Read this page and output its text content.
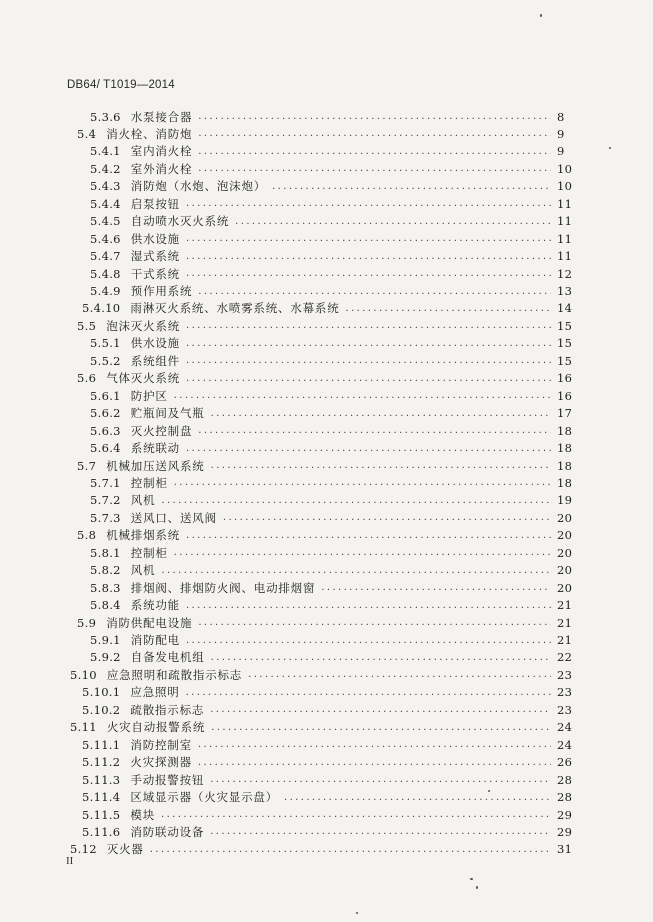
DB64/ T1019—2014
5.3.6 水泵接合器 .....	8
5.4 消火栓、消防炮 .....	9
5.4.1 室内消火栓 .....	9
5.4.2 室外消火栓 .....	10
5.4.3 消防炮（水炮、泡沫炮） .....	10
5.4.4 启泵按钮 .....	11
5.4.5 自动喷水灭火系统 .....	11
5.4.6 供水设施 .....	11
5.4.7 湿式系统 .....	11
5.4.8 干式系统 .....	12
5.4.9 预作用系统 .....	13
5.4.10 雨淋灭火系统、水喷雾系统、水幕系统 .....	14
5.5 泡沫灭火系统 .....	15
5.5.1 供水设施 .....	15
5.5.2 系统组件 .....	15
5.6 气体灭火系统 .....	16
5.6.1 防护区 .....	16
5.6.2 贮瓶间及气瓶 .....	17
5.6.3 灭火控制盘 .....	18
5.6.4 系统联动 .....	18
5.7 机械加压送风系统 .....	18
5.7.1 控制柜 .....	18
5.7.2 风机 .....	19
5.7.3 送风口、送风阀 .....	20
5.8 机械排烟系统 .....	20
5.8.1 控制柜 .....	20
5.8.2 风机 .....	20
5.8.3 排烟阀、排烟防火阀、电动排烟窗 .....	20
5.8.4 系统功能 .....	21
5.9 消防供配电设施 .....	21
5.9.1 消防配电 .....	21
5.9.2 自备发电机组 .....	22
5.10 应急照明和疏散指示标志 .....	23
5.10.1 应急照明 .....	23
5.10.2 疏散指示标志 .....	23
5.11 火灾自动报警系统 .....	24
5.11.1 消防控制室 .....	24
5.11.2 火灾探测器 .....	26
5.11.3 手动报警按钮 .....	28
5.11.4 区域显示器（火灾显示盘） .....	28
5.11.5 模块 .....	29
5.11.6 消防联动设备 .....	29
5.12 灭火器 .....	31
II
